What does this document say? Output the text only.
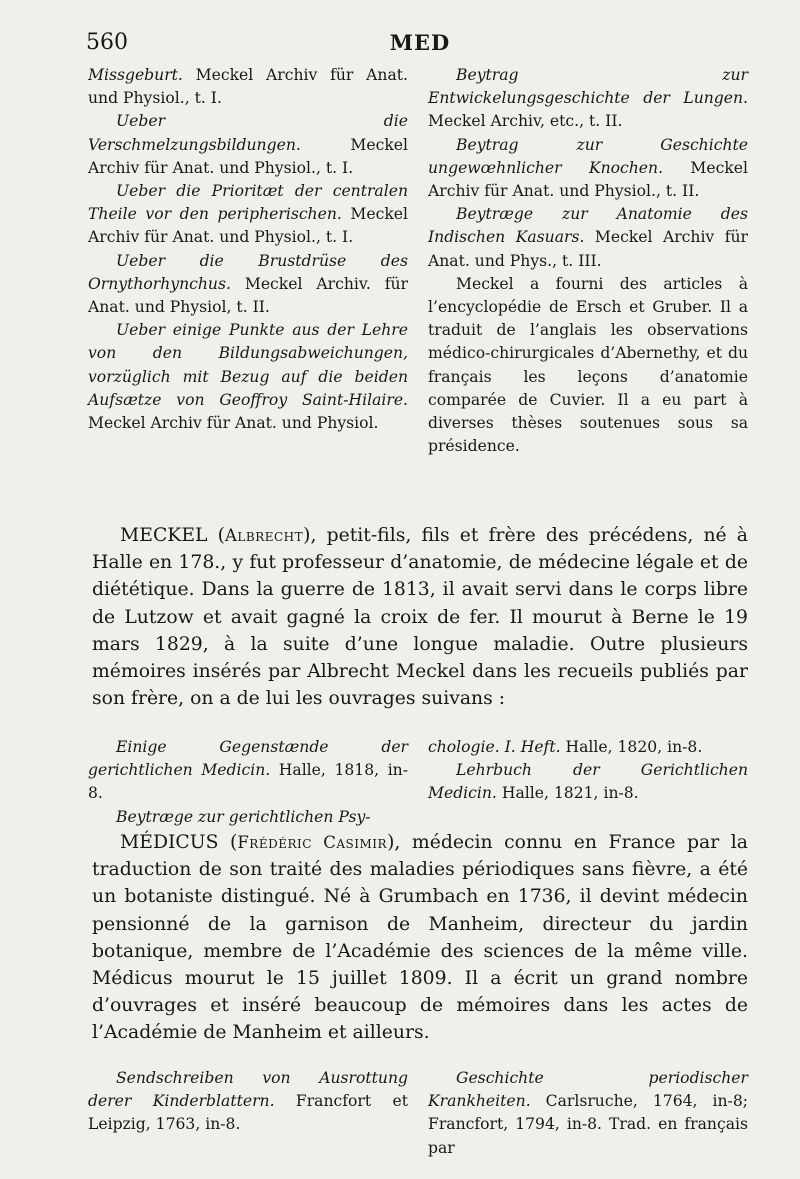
560	MED

Missgeburt. Meckel Archiv für Anat. und Physiol., t. I.

Ueber die Verschmelzungsbildungen. Meckel Archiv für Anat. und Physiol., t. I.

Ueber die Prioritæt der centralen Theile vor den peripherischen. Meckel Archiv für Anat. und Physiol., t. I.

Ueber die Brustdrüse des Ornythorhynchus. Meckel Archiv. für Anat. und Physiol, t. II.

Ueber einige Punkte aus der Lehre von den Bildungsabweichungen, vorzüglich mit Bezug auf die beiden Aufsætze von Geoffroy Saint-Hilaire. Meckel Archiv für Anat. und Physiol.

Beytrag zur Entwickelungsgeschichte der Lungen. Meckel Archiv, etc., t. II.

Beytrag zur Geschichte ungewœhnlicher Knochen. Meckel Archiv für Anat. und Physiol., t. II.

Beytræge zur Anatomie des Indischen Kasuars. Meckel Archiv für Anat. und Phys., t. III.

Meckel a fourni des articles à l’encyclopédie de Ersch et Gruber. Il a traduit de l’anglais les observations médico-chirurgicales d’Abernethy, et du français les leçons d’anatomie comparée de Cuvier. Il a eu part à diverses thèses soutenues sous sa présidence.

MECKEL (Albrecht), petit-fils, fils et frère des précédens, né à Halle en 178., y fut professeur d’anatomie, de médecine légale et de diététique. Dans la guerre de 1813, il avait servi dans le corps libre de Lutzow et avait gagné la croix de fer. Il mourut à Berne le 19 mars 1829, à la suite d’une longue maladie. Outre plusieurs mémoires insérés par Albrecht Meckel dans les recueils publiés par son frère, on a de lui les ouvrages suivans :

Einige Gegenstænde der gerichtlichen Medicin. Halle, 1818, in-8.

Beytræge zur gerichtlichen Psy-

chologie. I. Heft. Halle, 1820, in-8.

Lehrbuch der Gerichtlichen Medicin. Halle, 1821, in-8.

MÉDICUS (Frédéric Casimir), médecin connu en France par la traduction de son traité des maladies périodiques sans fièvre, a été un botaniste distingué. Né à Grumbach en 1736, il devint médecin pensionné de la garnison de Manheim, directeur du jardin botanique, membre de l’Académie des sciences de la même ville. Médicus mourut le 15 juillet 1809. Il a écrit un grand nombre d’ouvrages et inséré beaucoup de mémoires dans les actes de l’Académie de Manheim et ailleurs.

Sendschreiben von Ausrottung derer Kinderblattern. Francfort et Leipzig, 1763, in-8.

Geschichte periodischer Krankheiten. Carlsruche, 1764, in-8; Francfort, 1794, in-8. Trad. en français par
